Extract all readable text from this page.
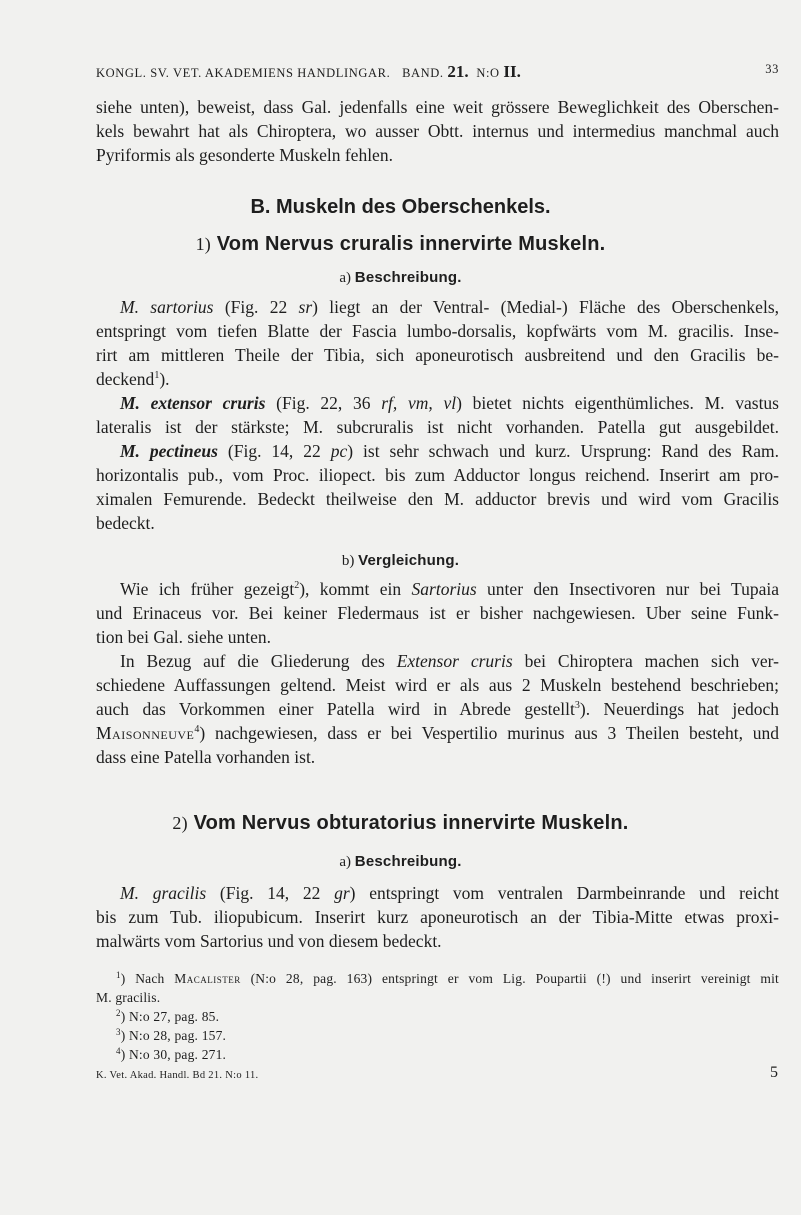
KONGL. SV. VET. AKADEMIENS HANDLINGAR. BAND. 21. N:O II.	33
siehe unten), beweist, dass Gal. jedenfalls eine weit grössere Beweglichkeit des Oberschen-
kels bewahrt hat als Chiroptera, wo ausser Obtt. internus und intermedius manchmal auch
Pyriformis als gesonderte Muskeln fehlen.
B. Muskeln des Oberschenkels.
1) Vom Nervus cruralis innervirte Muskeln.
a) Beschreibung.
M. sartorius (Fig. 22 sr) liegt an der Ventral- (Medial-) Fläche des Oberschenkels,
entspringt vom tiefen Blatte der Fascia lumbo-dorsalis, kopfwärts vom M. gracilis. Inse-
rirt am mittleren Theile der Tibia, sich aponeurotisch ausbreitend und den Gracilis be-
deckend$^1$).
M. extensor cruris (Fig. 22, 36 rf, vm, vl) bietet nichts eigenthümliches. M. vastus
lateralis ist der stärkste; M. subcruralis ist nicht vorhanden. Patella gut ausgebildet.
M. pectineus (Fig. 14, 22 pc) ist sehr schwach und kurz. Ursprung: Rand des Ram.
horizontalis pub., vom Proc. iliopect. bis zum Adductor longus reichend. Inserirt am pro-
ximalen Femurende. Bedeckt theilweise den M. adductor brevis und wird vom Gracilis
bedeckt.
b) Vergleichung.
Wie ich früher gezeigt$^2$), kommt ein Sartorius unter den Insectivoren nur bei Tupaia
und Erinaceus vor. Bei keiner Fledermaus ist er bisher nachgewiesen. Uber seine Funk-
tion bei Gal. siehe unten.
In Bezug auf die Gliederung des Extensor cruris bei Chiroptera machen sich ver-
schiedene Auffassungen geltend. Meist wird er als aus 2 Muskeln bestehend beschrieben;
auch das Vorkommen einer Patella wird in Abrede gestellt$^3$). Neuerdings hat jedoch
Maisonneuve$^4$) nachgewiesen, dass er bei Vespertilio murinus aus 3 Theilen besteht, und
dass eine Patella vorhanden ist.
2) Vom Nervus obturatorius innervirte Muskeln.
a) Beschreibung.
M. gracilis (Fig. 14, 22 gr) entspringt vom ventralen Darmbeinrande und reicht
bis zum Tub. iliopubicum. Inserirt kurz aponeurotisch an der Tibia-Mitte etwas proxi-
malwärts vom Sartorius und von diesem bedeckt.
$^1$) Nach Macalister (N:o 28, pag. 163) entspringt er vom Lig. Poupartii (!) und inserirt vereinigt mit
M. gracilis.
$^2$) N:o 27, pag. 85.
$^3$) N:o 28, pag. 157.
$^4$) N:o 30, pag. 271.
K. Vet. Akad. Handl. Bd 21. N:o 11.	5
